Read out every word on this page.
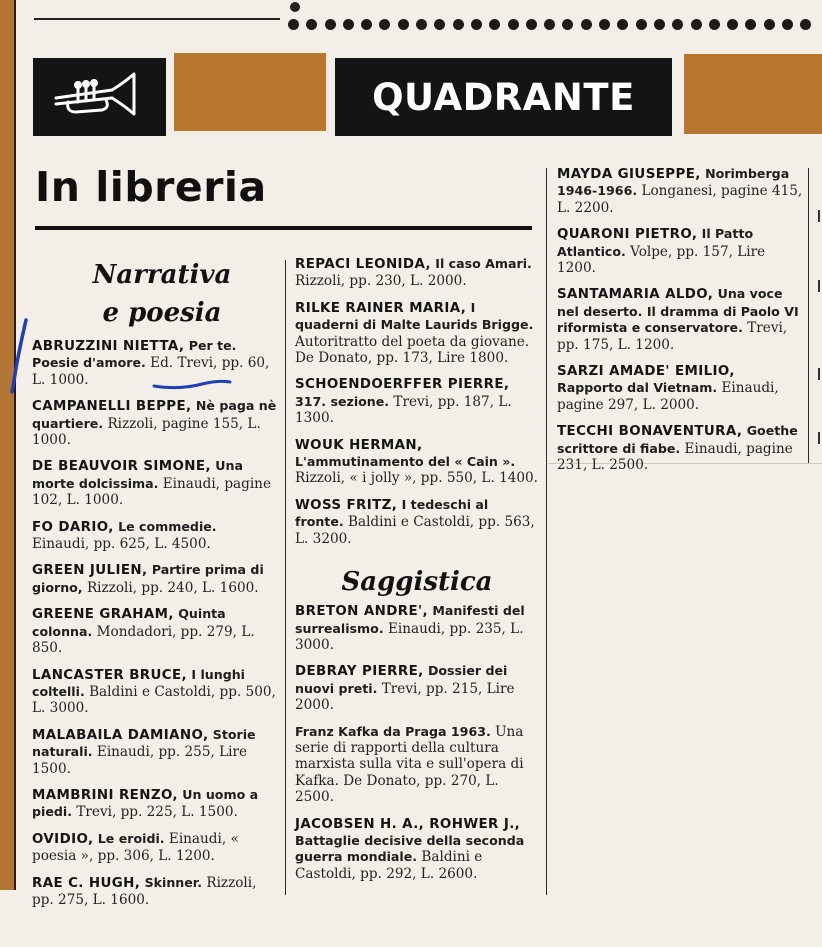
QUADRANTE
In libreria
Narrativa
e poesia

ABRUZZINI NIETTA, Per te. Poesie d'amore. Ed. Trevi, pp. 60, L. 1000.

CAMPANELLI BEPPE, Nè paga nè quartiere. Rizzoli, pagine 155, L. 1000.

DE BEAUVOIR SIMONE, Una morte dolcissima. Einaudi, pagine 102, L. 1000.

FO DARIO, Le commedie. Einaudi, pp. 625, L. 4500.

GREEN JULIEN, Partire prima di giorno, Rizzoli, pp. 240, L. 1600.

GREENE GRAHAM, Quinta colonna. Mondadori, pp. 279, L. 850.

LANCASTER BRUCE, I lunghi coltelli. Baldini e Castoldi, pp. 500, L. 3000.

MALABAILA DAMIANO, Storie naturali. Einaudi, pp. 255, Lire 1500.

MAMBRINI RENZO, Un uomo a piedi. Trevi, pp. 225, L. 1500.

OVIDIO, Le eroidi. Einaudi, « poesia », pp. 306, L. 1200.

RAE C. HUGH, Skinner. Rizzoli, pp. 275, L. 1600.

REPACI LEONIDA, Il caso Amari. Rizzoli, pp. 230, L. 2000.

RILKE RAINER MARIA, I quaderni di Malte Laurids Brigge. Autoritratto del poeta da giovane. De Donato, pp. 173, Lire 1800.

SCHOENDOERFFER PIERRE, 317. sezione. Trevi, pp. 187, L. 1300.

WOUK HERMAN, L'ammutinamento del « Cain ». Rizzoli, « i jolly », pp. 550, L. 1400.

WOSS FRITZ, I tedeschi al fronte. Baldini e Castoldi, pp. 563, L. 3200.

Saggistica

BRETON ANDRE', Manifesti del surrealismo. Einaudi, pp. 235, L. 3000.

DEBRAY PIERRE, Dossier dei nuovi preti. Trevi, pp. 215, Lire 2000.

Franz Kafka da Praga 1963. Una serie di rapporti della cultura marxista sulla vita e sull'opera di Kafka. De Donato, pp. 270, L. 2500.

JACOBSEN H. A., ROHWER J., Battaglie decisive della seconda guerra mondiale. Baldini e Castoldi, pp. 292, L. 2600.

MAYDA GIUSEPPE, Norimberga 1946-1966. Longanesi, pagine 415, L. 2200.

QUARONI PIETRO, Il Patto Atlantico. Volpe, pp. 157, Lire 1200.

SANTAMARIA ALDO, Una voce nel deserto. Il dramma di Paolo VI riformista e conservatore. Trevi, pp. 175, L. 1200.

SARZI AMADE' EMILIO, Rapporto dal Vietnam. Einaudi, pagine 297, L. 2000.

TECCHI BONAVENTURA, Goethe scrittore di fiabe. Einaudi, pagine 231, L. 2500.
